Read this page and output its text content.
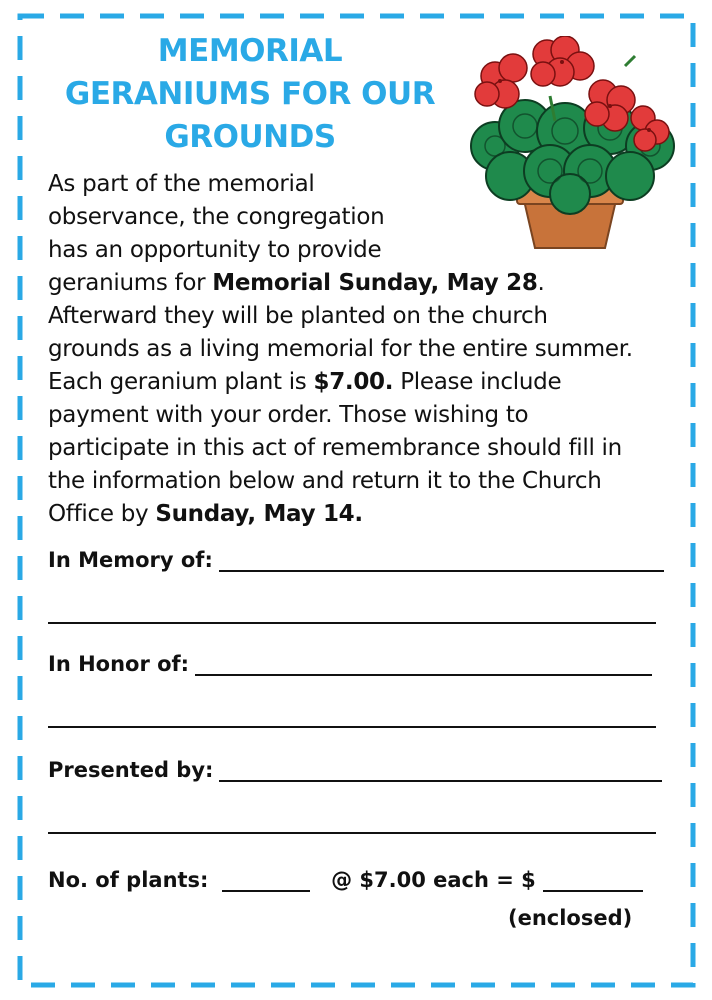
MEMORIAL
GERANIUMS FOR OUR
GROUNDS
As part of the memorial
observance, the congregation
has an opportunity to provide
geraniums for Memorial Sunday, May 28.
Afterward they will be planted on the church
grounds as a living memorial for the entire summer.
Each geranium plant is $7.00. Please include
payment with your order. Those wishing to
participate in this act of remembrance should fill in
the information below and return it to the Church
Office by Sunday, May 14.
In Memory of:
In Honor of:
Presented by:
No. of plants:	@ $7.00 each = $
(enclosed)
